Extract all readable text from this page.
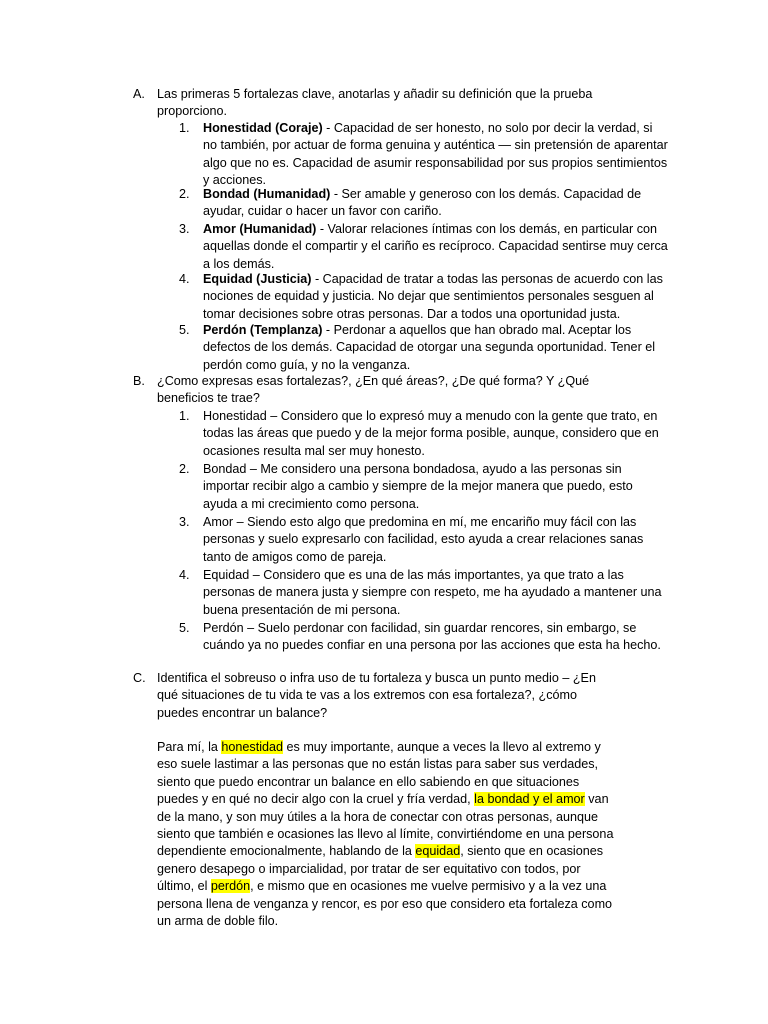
A. Las primeras 5 fortalezas clave, anotarlas y añadir su definición que la prueba proporciono.
1. Honestidad (Coraje) - Capacidad de ser honesto, no solo por decir la verdad, si no también, por actuar de forma genuina y auténtica — sin pretensión de aparentar algo que no es. Capacidad de asumir responsabilidad por sus propios sentimientos y acciones.
2. Bondad (Humanidad) - Ser amable y generoso con los demás. Capacidad de ayudar, cuidar o hacer un favor con cariño.
3. Amor (Humanidad) - Valorar relaciones íntimas con los demás, en particular con aquellas donde el compartir y el cariño es recíproco. Capacidad sentirse muy cerca a los demás.
4. Equidad (Justicia) - Capacidad de tratar a todas las personas de acuerdo con las nociones de equidad y justicia. No dejar que sentimientos personales sesguen al tomar decisiones sobre otras personas. Dar a todos una oportunidad justa.
5. Perdón (Templanza) - Perdonar a aquellos que han obrado mal. Aceptar los defectos de los demás. Capacidad de otorgar una segunda oportunidad. Tener el perdón como guía, y no la venganza.
B. ¿Como expresas esas fortalezas?, ¿En qué áreas?, ¿De qué forma? Y ¿Qué beneficios te trae?
1. Honestidad – Considero que lo expresó muy a menudo con la gente que trato, en todas las áreas que puedo y de la mejor forma posible, aunque, considero que en ocasiones resulta mal ser muy honesto.
2. Bondad – Me considero una persona bondadosa, ayudo a las personas sin importar recibir algo a cambio y siempre de la mejor manera que puedo, esto ayuda a mi crecimiento como persona.
3. Amor – Siendo esto algo que predomina en mí, me encariño muy fácil con las personas y suelo expresarlo con facilidad, esto ayuda a crear relaciones sanas tanto de amigos como de pareja.
4. Equidad – Considero que es una de las más importantes, ya que trato a las personas de manera justa y siempre con respeto, me ha ayudado a mantener una buena presentación de mi persona.
5. Perdón – Suelo perdonar con facilidad, sin guardar rencores, sin embargo, se cuándo ya no puedes confiar en una persona por las acciones que esta ha hecho.
C. Identifica el sobreuso o infra uso de tu fortaleza y busca un punto medio – ¿En qué situaciones de tu vida te vas a los extremos con esa fortaleza?, ¿cómo puedes encontrar un balance?
Para mí, la honestidad es muy importante, aunque a veces la llevo al extremo y eso suele lastimar a las personas que no están listas para saber sus verdades, siento que puedo encontrar un balance en ello sabiendo en que situaciones puedes y en qué no decir algo con la cruel y fría verdad, la bondad y el amor van de la mano, y son muy útiles a la hora de conectar con otras personas, aunque siento que también e ocasiones las llevo al límite, convirtiéndome en una persona dependiente emocionalmente, hablando de la equidad, siento que en ocasiones genero desapego o imparcialidad, por tratar de ser equitativo con todos, por último, el perdón, e mismo que en ocasiones me vuelve permisivo y a la vez una persona llena de venganza y rencor, es por eso que considero eta fortaleza como un arma de doble filo.
